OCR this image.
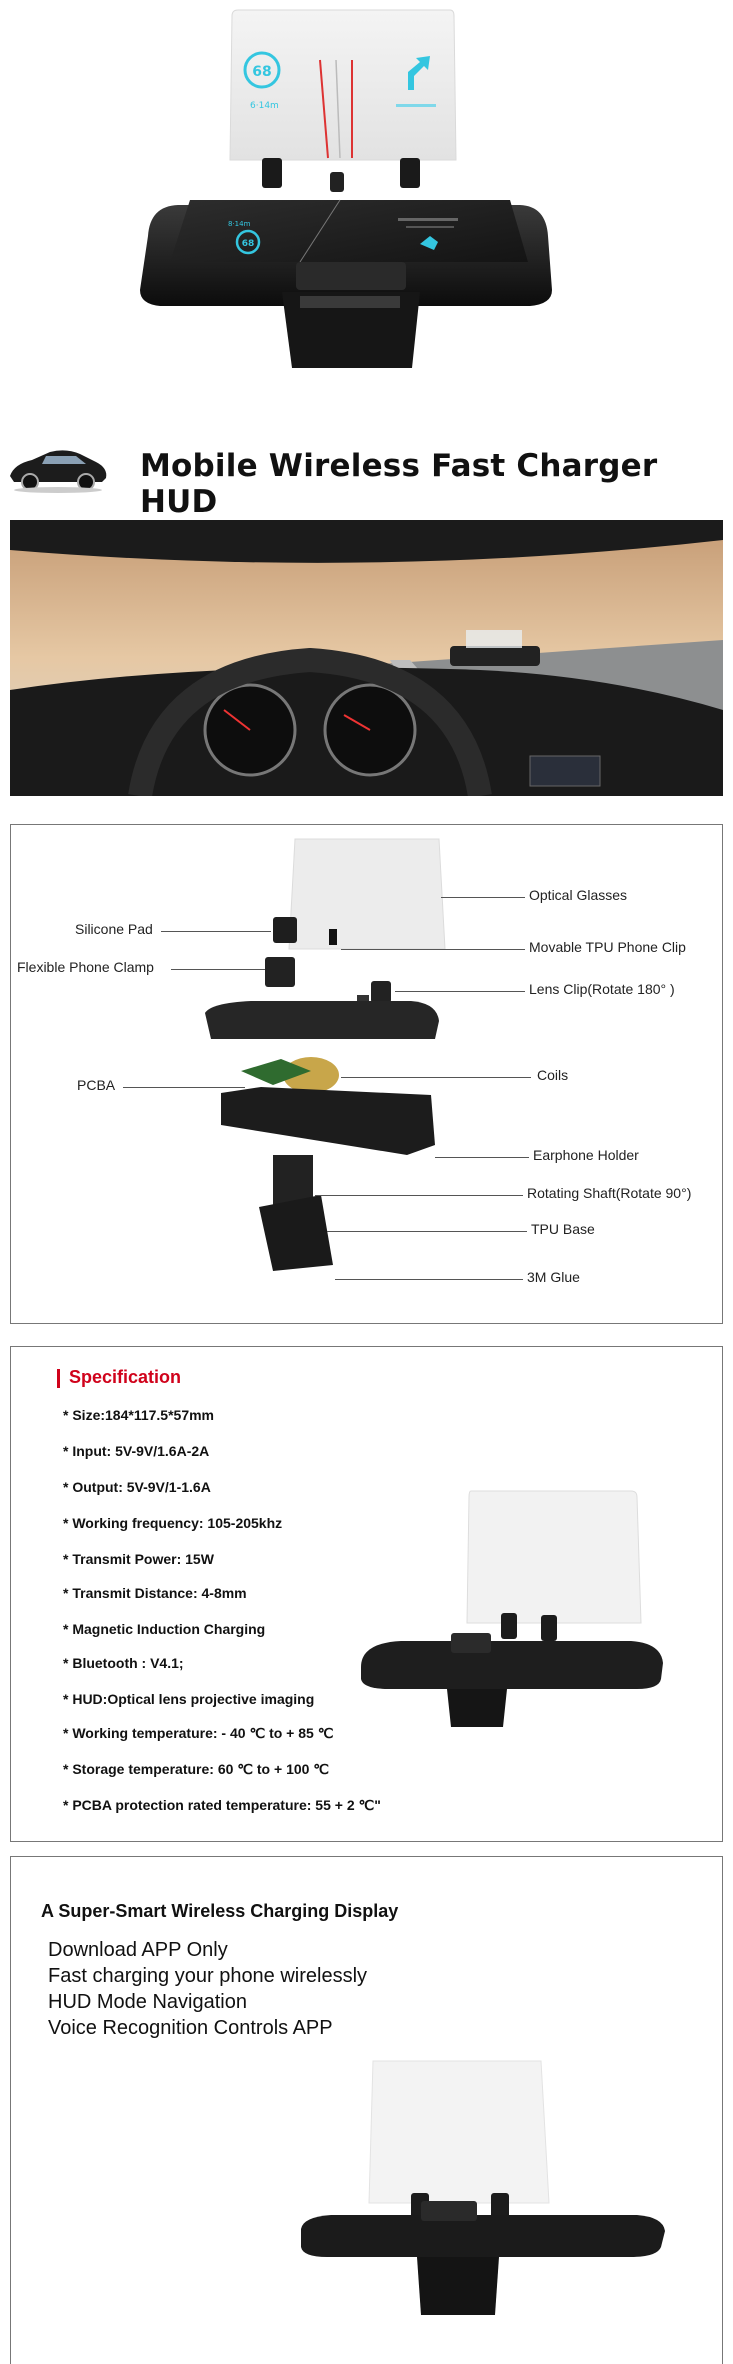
68
6·14m
68
8·14m
Mobile Wireless Fast Charger HUD
Optical Glasses
Silicone Pad
Movable TPU Phone Clip
Flexible Phone Clamp
Lens Clip(Rotate 180° )
PCBA
Coils
Earphone Holder
Rotating Shaft(Rotate 90°)
TPU Base
3M Glue
Specification
* Size:184*117.5*57mm
* Input: 5V-9V/1.6A-2A
* Output: 5V-9V/1-1.6A
* Working frequency: 105-205khz
* Transmit Power: 15W
* Transmit Distance: 4-8mm
* Magnetic Induction Charging
* Bluetooth : V4.1;
* HUD:Optical lens projective imaging
* Working temperature: - 40 ℃ to + 85 ℃
* Storage temperature: 60 ℃ to + 100 ℃
* PCBA protection rated temperature: 55 + 2 ℃"
A Super-Smart Wireless Charging Display
Download APP Only
Fast charging your phone wirelessly
HUD Mode Navigation
Voice Recognition Controls APP
